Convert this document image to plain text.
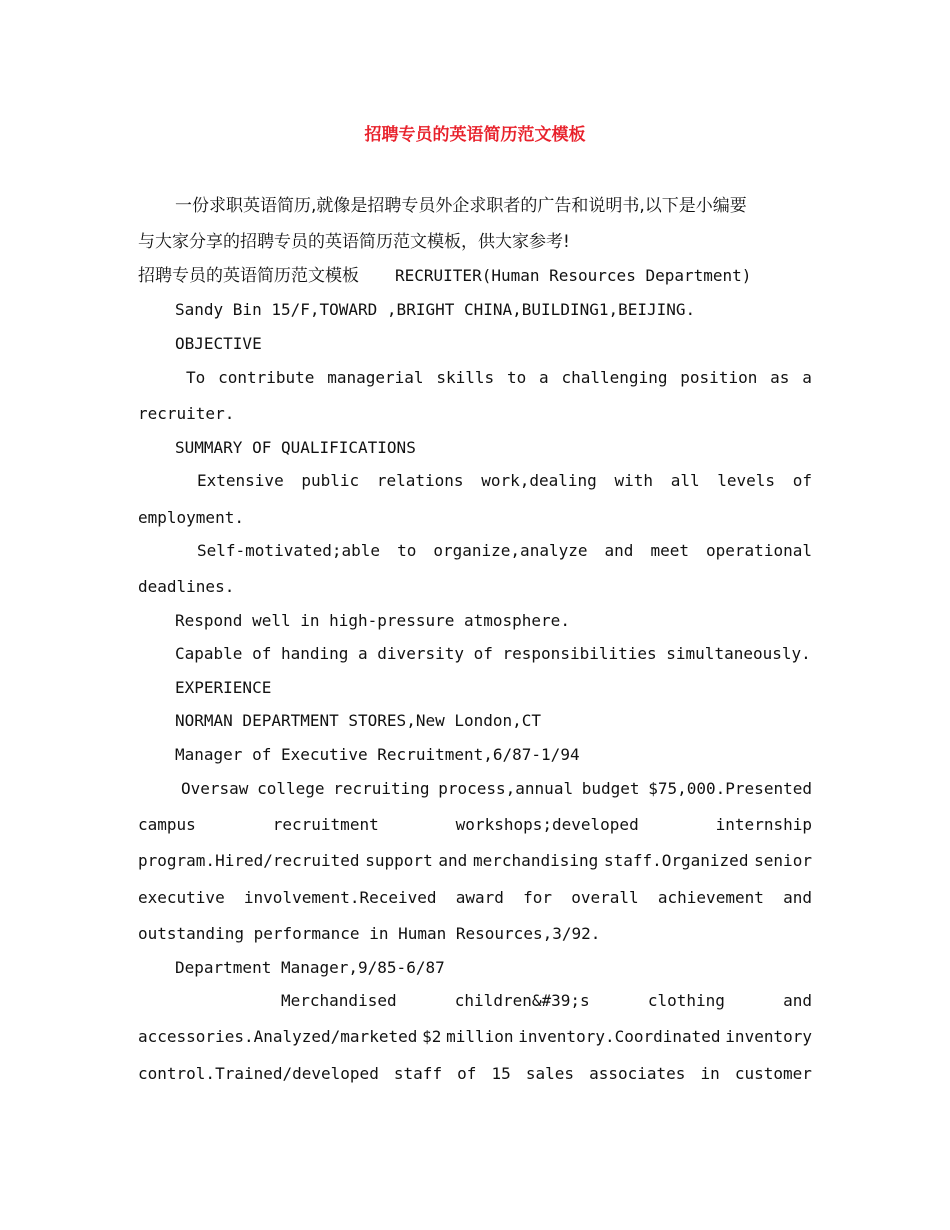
招聘专员的英语简历范文模板
一份求职英语简历,就像是招聘专员外企求职者的广告和说明书,以下是小编要
与大家分享的招聘专员的英语简历范文模板，供大家参考!
招聘专员的英语简历范文模板 RECRUITER(Human Resources Department)
Sandy Bin 15/F,TOWARD ,BRIGHT CHINA,BUILDING1,BEIJING.
OBJECTIVE
To contribute managerial skills to a challenging position as a
recruiter.
SUMMARY OF QUALIFICATIONS
Extensive public relations work,dealing with all levels of
employment.
Self-motivated;able to organize,analyze and meet operational
deadlines.
Respond well in high-pressure atmosphere.
Capable of handing a diversity of responsibilities simultaneously.
EXPERIENCE
NORMAN DEPARTMENT STORES,New London,CT
Manager of Executive Recruitment,6/87-1/94
Oversaw college recruiting process,annual budget $75,000.Presented
campus	recruitment	workshops;developed	internship
program.Hired/recruited support and merchandising staff.Organized senior
executive involvement.Received award for overall achievement and
outstanding performance in Human Resources,3/92.
Department Manager,9/85-6/87
Merchandised	children&#39;s	clothing	and
accessories.Analyzed/marketed $2 million inventory.Coordinated inventory
control.Trained/developed staff of 15 sales associates in customer
